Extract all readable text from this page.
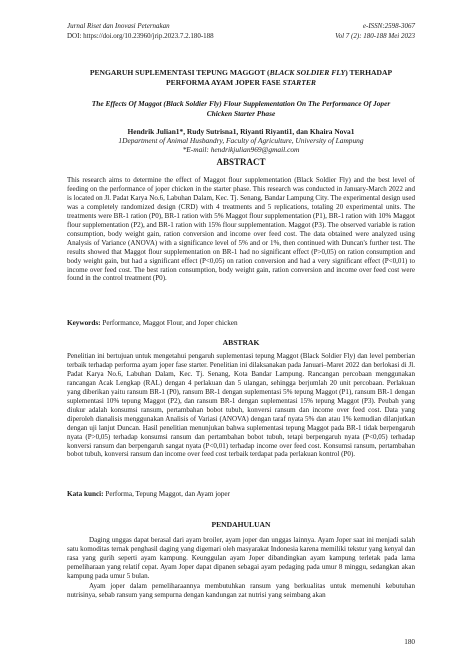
Jurnal Riset dan Inovasi Peternakan	e-ISSN:2598-3067
DOI: https://doi.org/10.23960/jrip.2023.7.2.180-188	Vol 7 (2): 180-188 Mei 2023
PENGARUH SUPLEMENTASI TEPUNG MAGGOT (BLACK SOLDIER FLY) TERHADAP
PERFORMA AYAM JOPER FASE STARTER
The Effects Of Maggot (Black Soldier Fly) Flour Supplementation On The Performance Of Joper Chicken Starter Phase
Hendrik Julian1*, Rudy Sutrisna1, Riyanti Riyanti1, dan Khaira Nova1
1Department of Animal Husbandry, Faculty of Agriculture, University of Lampung
*E-mail: hendrikjulian969@gmail.com
ABSTRACT
This research aims to determine the effect of Maggot flour supplementation (Black Soldier Fly) and the best level of feeding on the performance of joper chicken in the starter phase. This research was conducted in January-March 2022 and is located on Jl. Padat Karya No.6, Labuhan Dalam, Kec. Tj. Senang, Bandar Lampung City. The experimental design used was a completely randomized design (CRD) with 4 treatments and 5 replications, totaling 20 experimental units. The treatments were BR-1 ration (P0), BR-1 ration with 5% Maggot flour supplementation (P1), BR-1 ration with 10% Maggot flour supplementation (P2), and BR-1 ration with 15% flour supplementation. Maggot (P3). The observed variable is ration consumption, body weight gain, ration conversion and income over feed cost. The data obtained were analyzed using Analysis of Variance (ANOVA) with a significance level of 5% and or 1%, then continued with Duncan's further test. The results showed that Maggot flour supplementation on BR-1 had no significant effect (P>0,05) on ration consumption and body weight gain, but had a significant effect (P<0,05) on ration conversion and had a very significant effect (P<0,01) to income over feed cost. The best ration consumption, body weight gain, ration conversion and income over feed cost were found in the control treatment (P0).
Keywords: Performance, Maggot Flour, and Joper chicken
ABSTRAK
Penelitian ini bertujuan untuk mengetahui pengaruh suplementasi tepung Maggot (Black Soldier Fly) dan level pemberian terbaik terhadap performa ayam joper fase starter. Penelitian ini dilaksanakan pada Januari–Maret 2022 dan berlokasi di Jl. Padat Karya No.6, Labuhan Dalam, Kec. Tj. Senang, Kota Bandar Lampung. Rancangan percobaan menggunakan rancangan Acak Lengkap (RAL) dengan 4 perlakuan dan 5 ulangan, sehingga berjumlah 20 unit percobaan. Perlakuan yang diberikan yaitu ransum BR-1 (P0), ransum BR-1 dengan suplementasi 5% tepung Maggot (P1), ransum BR-1 dengan suplementasi 10% tepung Maggot (P2), dan ransum BR-1 dengan suplementasi 15% tepung Maggot (P3). Peubah yang diukur adalah konsumsi ransum, pertambahan bobot tubuh, konversi ransum dan income over feed cost. Data yang diperoleh dianalisis menggunakan Analisis of Variasi (ANOVA) dengan taraf nyata 5% dan atau 1% kemudian dilanjutkan dengan uji lanjut Duncan. Hasil penelitian menunjukan bahwa suplementasi tepung Maggot pada BR-1 tidak berpengaruh nyata (P>0,05) terhadap konsumsi ransum dan pertambahan bobot tubuh, tetapi berpengaruh nyata (P<0,05) terhadap konversi ransum dan berpengaruh sangat nyata (P<0,01) terhadap income over feed cost. Konsumsi ransum, pertambahan bobot tubuh, konversi ransum dan income over feed cost terbaik terdapat pada perlakuan kontrol (P0).
Kata kunci: Performa, Tepung Maggot, dan Ayam joper
PENDAHULUAN
Daging unggas dapat berasal dari ayam broiler, ayam joper dan unggas lainnya. Ayam Joper saat ini menjadi salah satu komoditas ternak penghasil daging yang digemari oleh masyarakat Indonesia karena memiliki tekstur yang kenyal dan rasa yang gurih seperti ayam kampung. Keunggulan ayam Joper dibandingkan ayam kampung terletak pada lama pemeliharaan yang relatif cepat. Ayam Joper dapat dipanen sebagai ayam pedaging pada umur 8 minggu, sedangkan akan kampung pada umur 5 bulan.
Ayam joper dalam pemeliharaannya membutuhkan ransum yang berkualitas untuk memenuhi kebutuhan nutrisinya, sebab ransum yang sempurna dengan kandungan zat nutrisi yang seimbang akan
180
